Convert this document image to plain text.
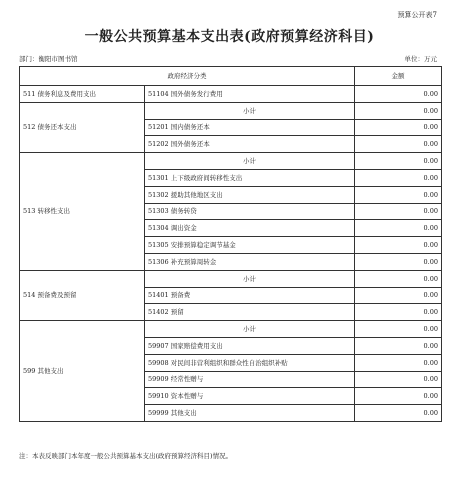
预算公开表7
一般公共预算基本支出表(政府预算经济科目)
部门：衡阳市图书馆	单位：万元
政府经济分类		金额
511 债务利息及费用支出	51104 国外债务发行费用	0.00
512 债务还本支出	小计	0.00
	51201 国内债务还本	0.00
	51202 国外债务还本	0.00
513 转移性支出	小计	0.00
	51301 上下级政府间转移性支出	0.00
	51302 援助其他地区支出	0.00
	51303 债务转贷	0.00
	51304 调出资金	0.00
	51305 安排预算稳定调节基金	0.00
	51306 补充预算周转金	0.00
514 预备费及预留	小计	0.00
	51401 预备费	0.00
	51402 预留	0.00
599 其他支出	小计	0.00
	59907 国家赔偿费用支出	0.00
	59908 对民间非营利组织和群众性自治组织补贴	0.00
	59909 经常性赠与	0.00
	59910 资本性赠与	0.00
	59999 其他支出	0.00
注：本表反映部门本年度一般公共预算基本支出(政府预算经济科目)情况。
